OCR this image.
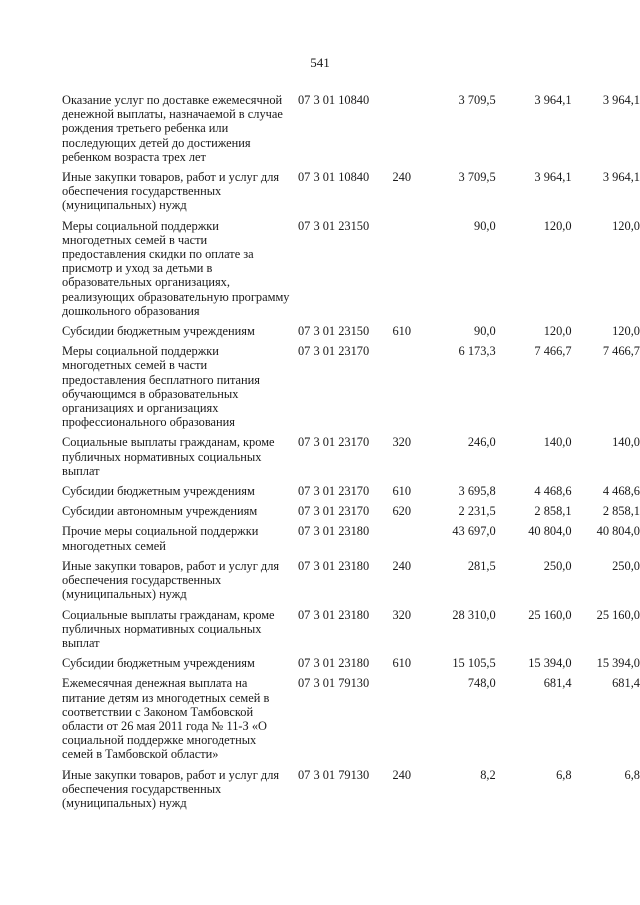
541
Оказание услуг по доставке ежемесячной денежной выплаты, назначаемой в случае рождения третьего ребенка или последующих детей до достижения ребенком возраста трех лет	07 3 01 10840		3 709,5	3 964,1	3 964,1
Иные закупки товаров, работ и услуг для обеспечения государственных (муниципальных) нужд	07 3 01 10840	240	3 709,5	3 964,1	3 964,1
Меры социальной поддержки многодетных семей в части предоставления скидки по оплате за присмотр и уход за детьми в образовательных организациях, реализующих образовательную программу дошкольного образования	07 3 01 23150		90,0	120,0	120,0
Субсидии бюджетным учреждениям	07 3 01 23150	610	90,0	120,0	120,0
Меры социальной поддержки многодетных семей в части предоставления бесплатного питания обучающимся в образовательных организациях и организациях профессионального образования	07 3 01 23170		6 173,3	7 466,7	7 466,7
Социальные выплаты гражданам, кроме публичных нормативных социальных выплат	07 3 01 23170	320	246,0	140,0	140,0
Субсидии бюджетным учреждениям	07 3 01 23170	610	3 695,8	4 468,6	4 468,6
Субсидии автономным учреждениям	07 3 01 23170	620	2 231,5	2 858,1	2 858,1
Прочие меры социальной поддержки многодетных семей	07 3 01 23180		43 697,0	40 804,0	40 804,0
Иные закупки товаров, работ и услуг для обеспечения государственных (муниципальных) нужд	07 3 01 23180	240	281,5	250,0	250,0
Социальные выплаты гражданам, кроме публичных нормативных социальных выплат	07 3 01 23180	320	28 310,0	25 160,0	25 160,0
Субсидии бюджетным учреждениям	07 3 01 23180	610	15 105,5	15 394,0	15 394,0
Ежемесячная денежная выплата на питание детям из многодетных семей в соответствии с Законом Тамбовской области от 26 мая 2011 года № 11-З «О социальной поддержке многодетных семей в Тамбовской области»	07 3 01 79130		748,0	681,4	681,4
Иные закупки товаров, работ и услуг для обеспечения государственных (муниципальных) нужд	07 3 01 79130	240	8,2	6,8	6,8
